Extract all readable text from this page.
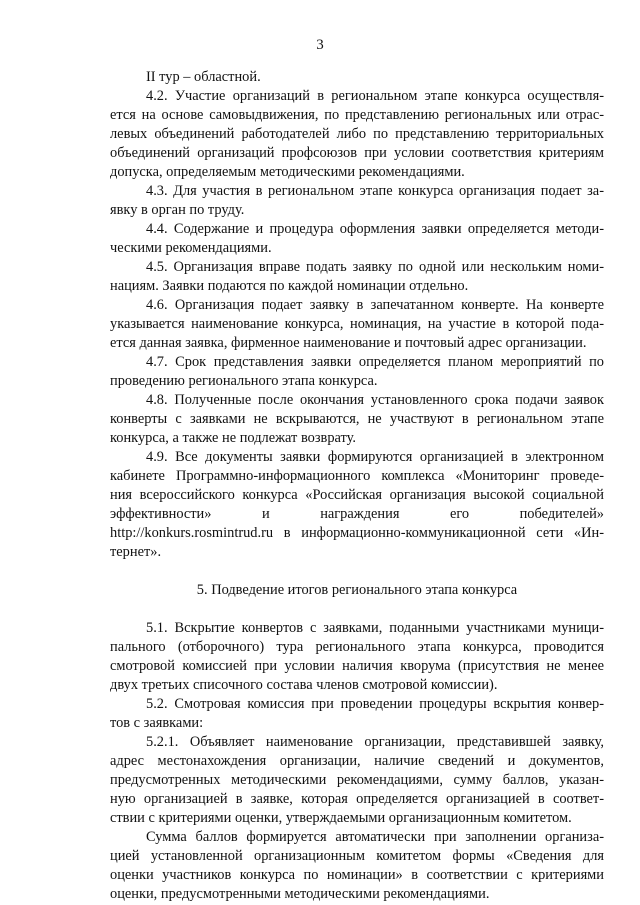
3
II тур – областной.
4.2. Участие организаций в региональном этапе конкурса осуществля-
ется на основе самовыдвижения, по представлению региональных или отрас-
левых объединений работодателей либо по представлению территориальных
объединений организаций профсоюзов при условии соответствия критериям
допуска, определяемым методическими рекомендациями.
4.3. Для участия в региональном этапе конкурса организация подает за-
явку в орган по труду.
4.4. Содержание и процедура оформления заявки определяется методи-
ческими рекомендациями.
4.5. Организация вправе подать заявку по одной или нескольким номи-
нациям. Заявки подаются по каждой номинации отдельно.
4.6. Организация подает заявку в запечатанном конверте. На конверте
указывается наименование конкурса, номинация, на участие в которой пода-
ется данная заявка, фирменное наименование и почтовый адрес организации.
4.7. Срок представления заявки определяется планом мероприятий по
проведению регионального этапа конкурса.
4.8. Полученные после окончания установленного срока подачи заявок
конверты с заявками не вскрываются, не участвуют в региональном этапе
конкурса, а также не подлежат возврату.
4.9. Все документы заявки формируются организацией в электронном
кабинете Программно-информационного комплекса «Мониторинг проведе-
ния всероссийского конкурса «Российская организация высокой социальной
эффективности» и награждения его победителей»
http://konkurs.rosmintrud.ru в информационно-коммуникационной сети «Ин-
тернет».
5. Подведение итогов регионального этапа конкурса
5.1. Вскрытие конвертов с заявками, поданными участниками муници-
пального (отборочного) тура регионального этапа конкурса, проводится
смотровой комиссией при условии наличия кворума (присутствия не менее
двух третьих списочного состава членов смотровой комиссии).
5.2. Смотровая комиссия при проведении процедуры вскрытия конвер-
тов с заявками:
5.2.1. Объявляет наименование организации, представившей заявку,
адрес местонахождения организации, наличие сведений и документов,
предусмотренных методическими рекомендациями, сумму баллов, указан-
ную организацией в заявке, которая определяется организацией в соответ-
ствии с критериями оценки, утверждаемыми организационным комитетом.
Сумма баллов формируется автоматически при заполнении организа-
цией установленной организационным комитетом формы «Сведения для
оценки участников конкурса по номинации» в соответствии с критериями
оценки, предусмотренными методическими рекомендациями.
